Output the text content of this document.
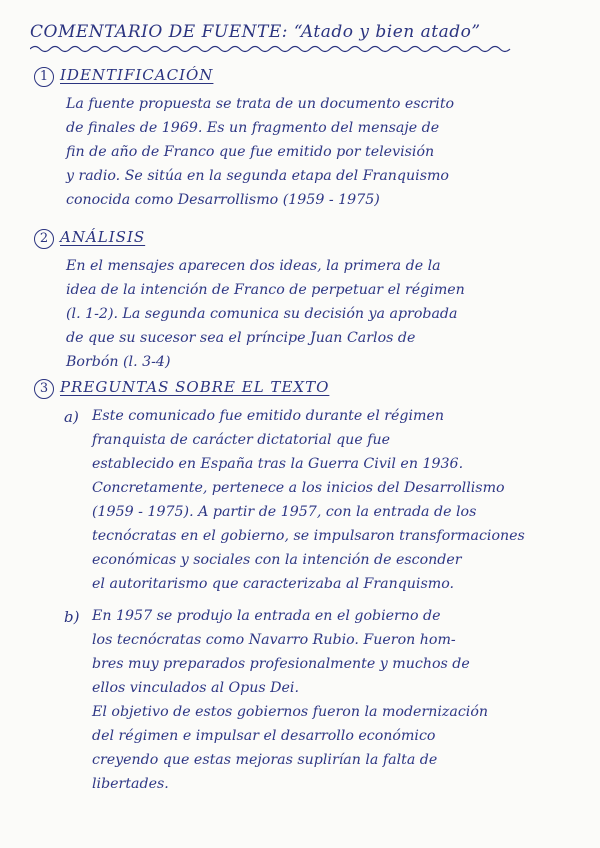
COMENTARIO DE FUENTE: “Atado y bien atado”
1 IDENTIFICACIÓN
La fuente propuesta se trata de un documento escrito
de finales de 1969. Es un fragmento del mensaje de
fin de año de Franco que fue emitido por televisión
y radio. Se sitúa en la segunda etapa del Franquismo
conocida como Desarrollismo (1959 - 1975)
2 ANÁLISIS
En el mensajes aparecen dos ideas, la primera de la
idea de la intención de Franco de perpetuar el régimen
(l. 1-2). La segunda comunica su decisión ya aprobada
de que su sucesor sea el príncipe Juan Carlos de
Borbón (l. 3-4)
3 PREGUNTAS SOBRE EL TEXTO
a) Este comunicado fue emitido durante el régimen
franquista de carácter dictatorial que fue
establecido en España tras la Guerra Civil en 1936.
Concretamente, pertenece a los inicios del Desarrollismo
(1959 - 1975). A partir de 1957, con la entrada de los
tecnócratas en el gobierno, se impulsaron transformaciones
económicas y sociales con la intención de esconder
el autoritarismo que caracterizaba al Franquismo.
b) En 1957 se produjo la entrada en el gobierno de
los tecnócratas como Navarro Rubio. Fueron hom-
bres muy preparados profesionalmente y muchos de
ellos vinculados al Opus Dei.
El objetivo de estos gobiernos fueron la modernización
del régimen e impulsar el desarrollo económico
creyendo que estas mejoras suplirían la falta de
libertades.
